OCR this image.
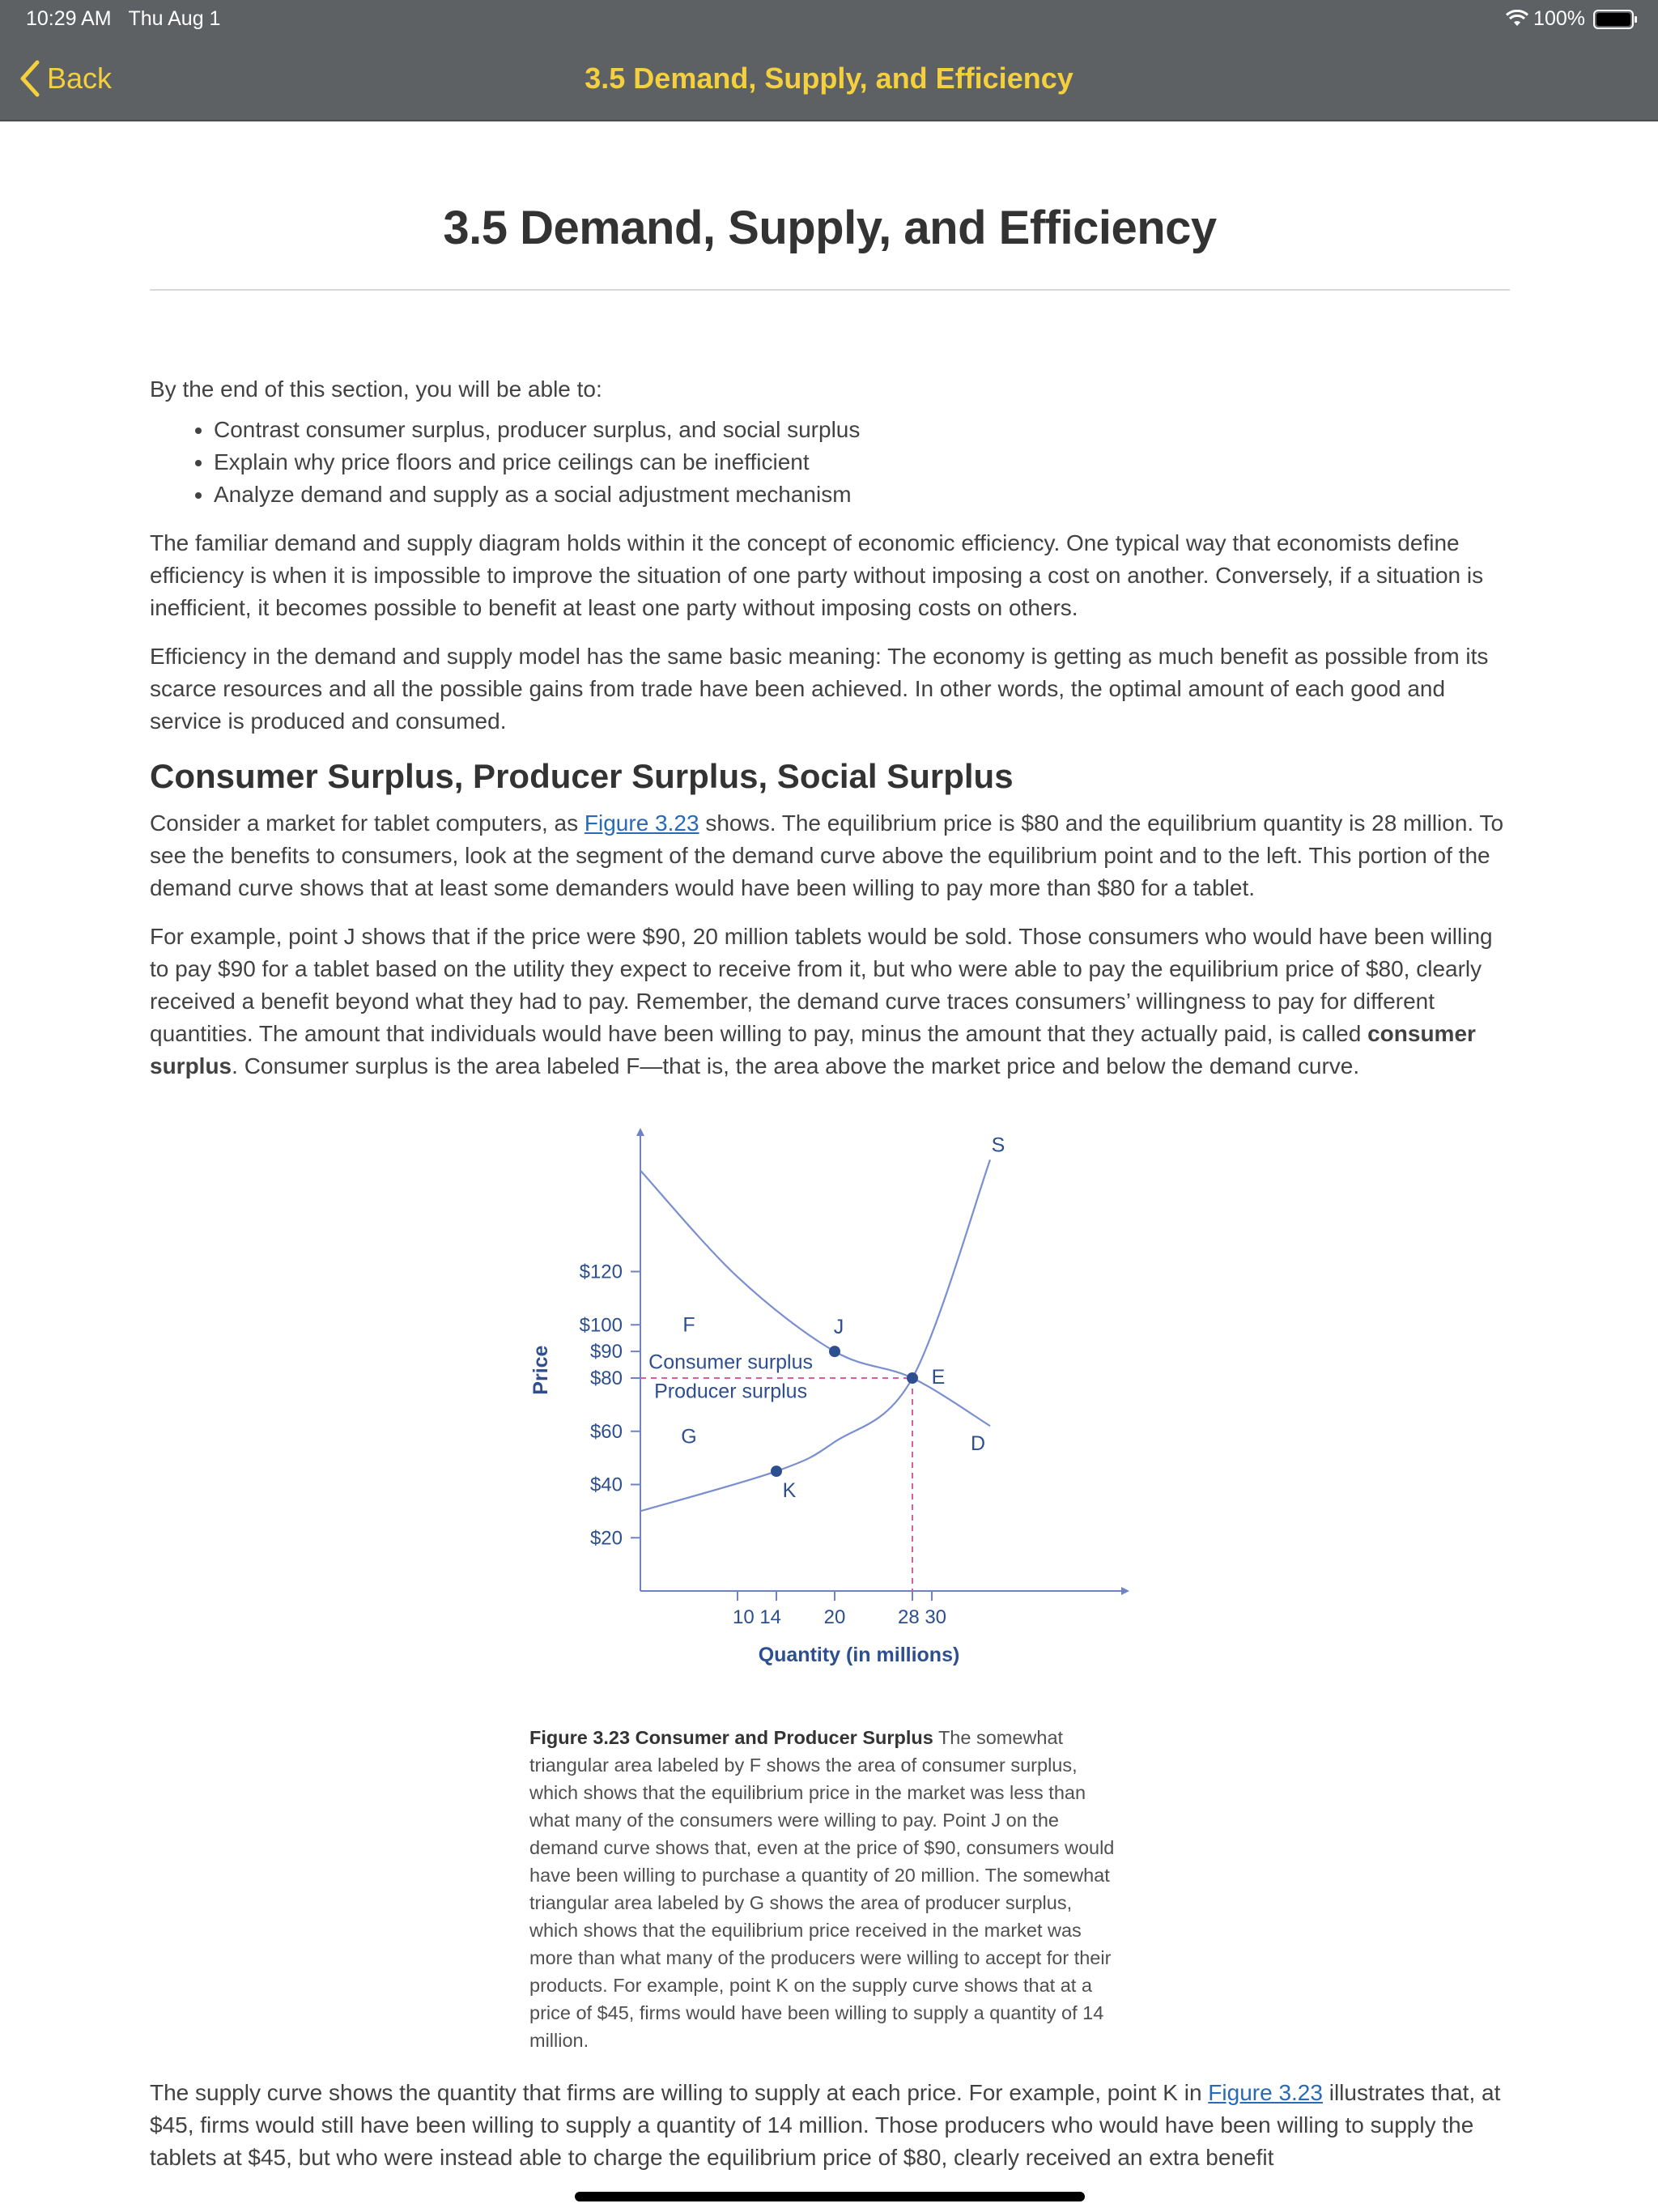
10:29 AM Thu Aug 1	100%
Back	3.5 Demand, Supply, and Efficiency
3.5 Demand, Supply, and Efficiency

By the end of this section, you will be able to:

• Contrast consumer surplus, producer surplus, and social surplus
• Explain why price floors and price ceilings can be inefficient
• Analyze demand and supply as a social adjustment mechanism

The familiar demand and supply diagram holds within it the concept of economic efficiency. One typical way that economists define efficiency is when it is impossible to improve the situation of one party without imposing a cost on another. Conversely, if a situation is inefficient, it becomes possible to benefit at least one party without imposing costs on others.

Efficiency in the demand and supply model has the same basic meaning: The economy is getting as much benefit as possible from its scarce resources and all the possible gains from trade have been achieved. In other words, the optimal amount of each good and service is produced and consumed.

Consumer Surplus, Producer Surplus, Social Surplus

Consider a market for tablet computers, as Figure 3.23 shows. The equilibrium price is $80 and the equilibrium quantity is 28 million. To see the benefits to consumers, look at the segment of the demand curve above the equilibrium point and to the left. This portion of the demand curve shows that at least some demanders would have been willing to pay more than $80 for a tablet.

For example, point J shows that if the price were $90, 20 million tablets would be sold. Those consumers who would have been willing to pay $90 for a tablet based on the utility they expect to receive from it, but who were able to pay the equilibrium price of $80, clearly received a benefit beyond what they had to pay. Remember, the demand curve traces consumers’ willingness to pay for different quantities. The amount that individuals would have been willing to pay, minus the amount that they actually paid, is called consumer surplus. Consumer surplus is the area labeled F—that is, the area above the market price and below the demand curve.

$120
$100
$90
$80
$60
$40
$20
10 14 20	28 30
Quantity (in millions)
Price
J
E
K
D
S
F
Consumer surplus
Producer surplus
G
Figure 3.23 Consumer and Producer Surplus The somewhat triangular area labeled by F shows the area of consumer surplus, which shows that the equilibrium price in the market was less than what many of the consumers were willing to pay. Point J on the demand curve shows that, even at the price of $90, consumers would have been willing to purchase a quantity of 20 million. The somewhat triangular area labeled by G shows the area of producer surplus, which shows that the equilibrium price received in the market was more than what many of the producers were willing to accept for their products. For example, point K on the supply curve shows that at a price of $45, firms would have been willing to supply a quantity of 14 million.

The supply curve shows the quantity that firms are willing to supply at each price. For example, point K in Figure 3.23 illustrates that, at $45, firms would still have been willing to supply a quantity of 14 million. Those producers who would have been willing to supply the tablets at $45, but who were instead able to charge the equilibrium price of $80, clearly received an extra benefit
